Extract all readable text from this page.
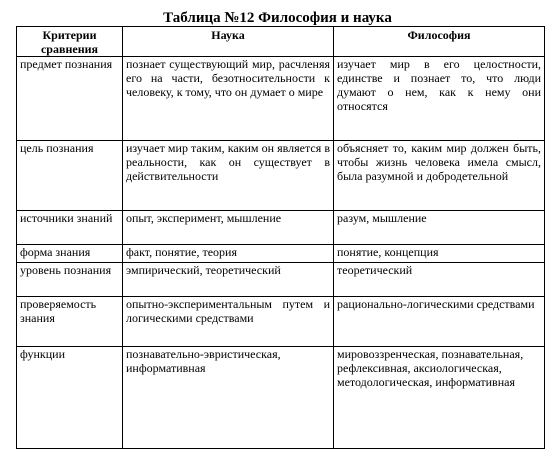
Таблица №12 Философия и наука
Критерии сравнения	Наука	Философия
предмет познания	познает существующий мир, расчленяя его на части, безотносительности к человеку, к тому, что он думает о мире	изучает мир в его целостности, единстве и познает то, что люди думают о нем, как к нему они относятся
цель познания	изучает мир таким, каким он является в реальности, как он существует в действительности	объясняет то, каким мир должен быть, чтобы жизнь человека имела смысл, была разумной и добродетельной
источники знаний	опыт, эксперимент, мышление	разум, мышление
форма знания	факт, понятие, теория	понятие, концепция
уровень познания	эмпирический, теоретический	теоретический
проверяемость знания	опытно-экспериментальным путем и логическими средствами	рационально-логическими средствами
функции	познавательно-эвристическая, информативная	мировоззренческая, познавательная, рефлексивная, аксиологическая, методологическая, информативная
